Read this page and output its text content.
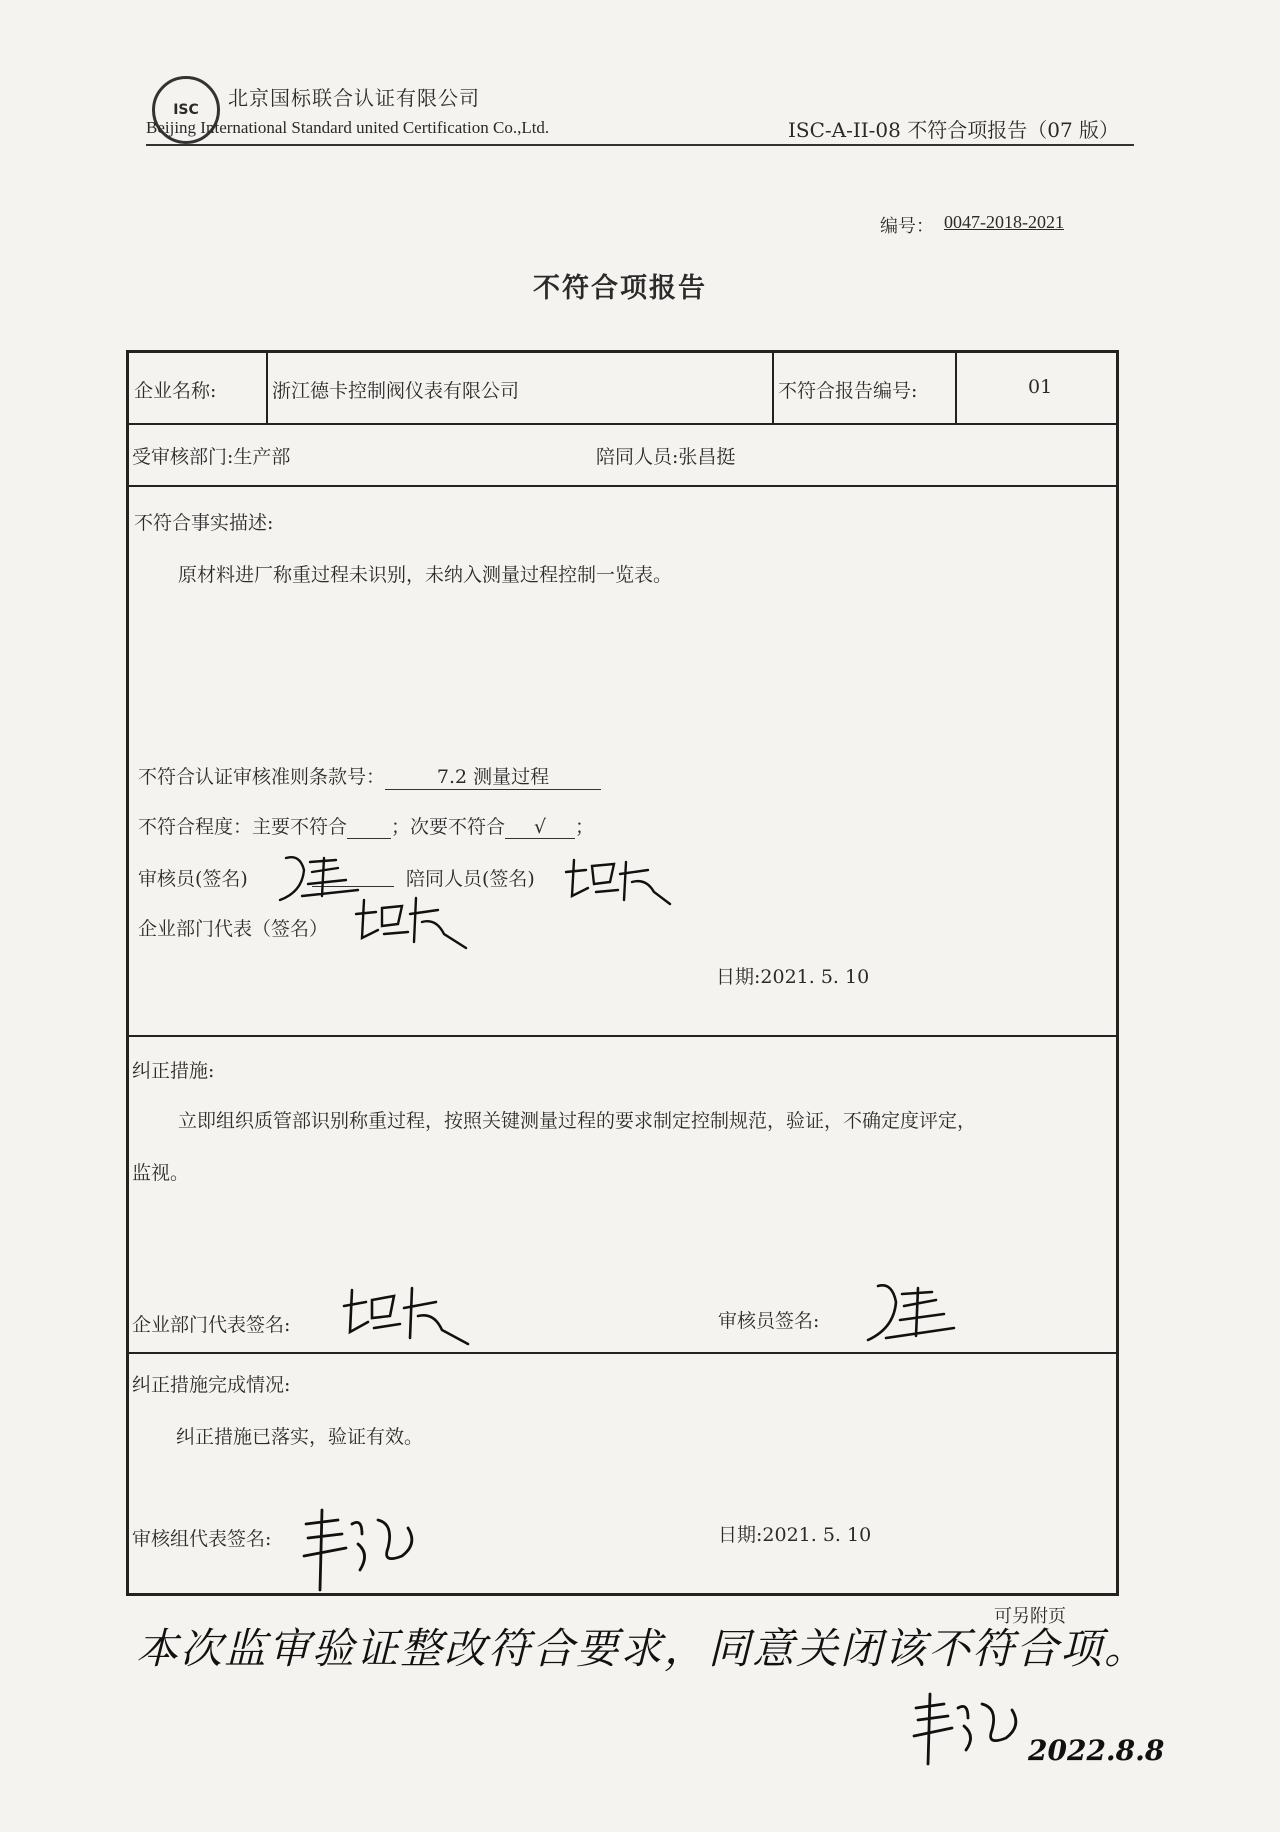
ISC 北京国标联合认证有限公司
Beijing International Standard united Certification Co.,Ltd.	ISC-A-II-08 不符合项报告（07 版）
编号： 0047-2018-2021
不符合项报告
企业名称:	浙江德卡控制阀仪表有限公司	不符合报告编号:	01
受审核部门:生产部	陪同人员:张昌挺
不符合事实描述:
原材料进厂称重过程未识别，未纳入测量过程控制一览表。
不符合认证审核准则条款号：	7.2 测量过程
不符合程度：主要不符合 ；次要不符合 √ ；
审核员(签名)	陪同人员(签名)
企业部门代表（签名）
日期:2021. 5. 10
纠正措施:
立即组织质管部识别称重过程，按照关键测量过程的要求制定控制规范，验证，不确定度评定，
监视。
企业部门代表签名:	审核员签名:
纠正措施完成情况:
纠正措施已落实，验证有效。
审核组代表签名:	日期:2021. 5. 10
可另附页
本次监审验证整改符合要求，同意关闭该不符合项。
2022.8.8
